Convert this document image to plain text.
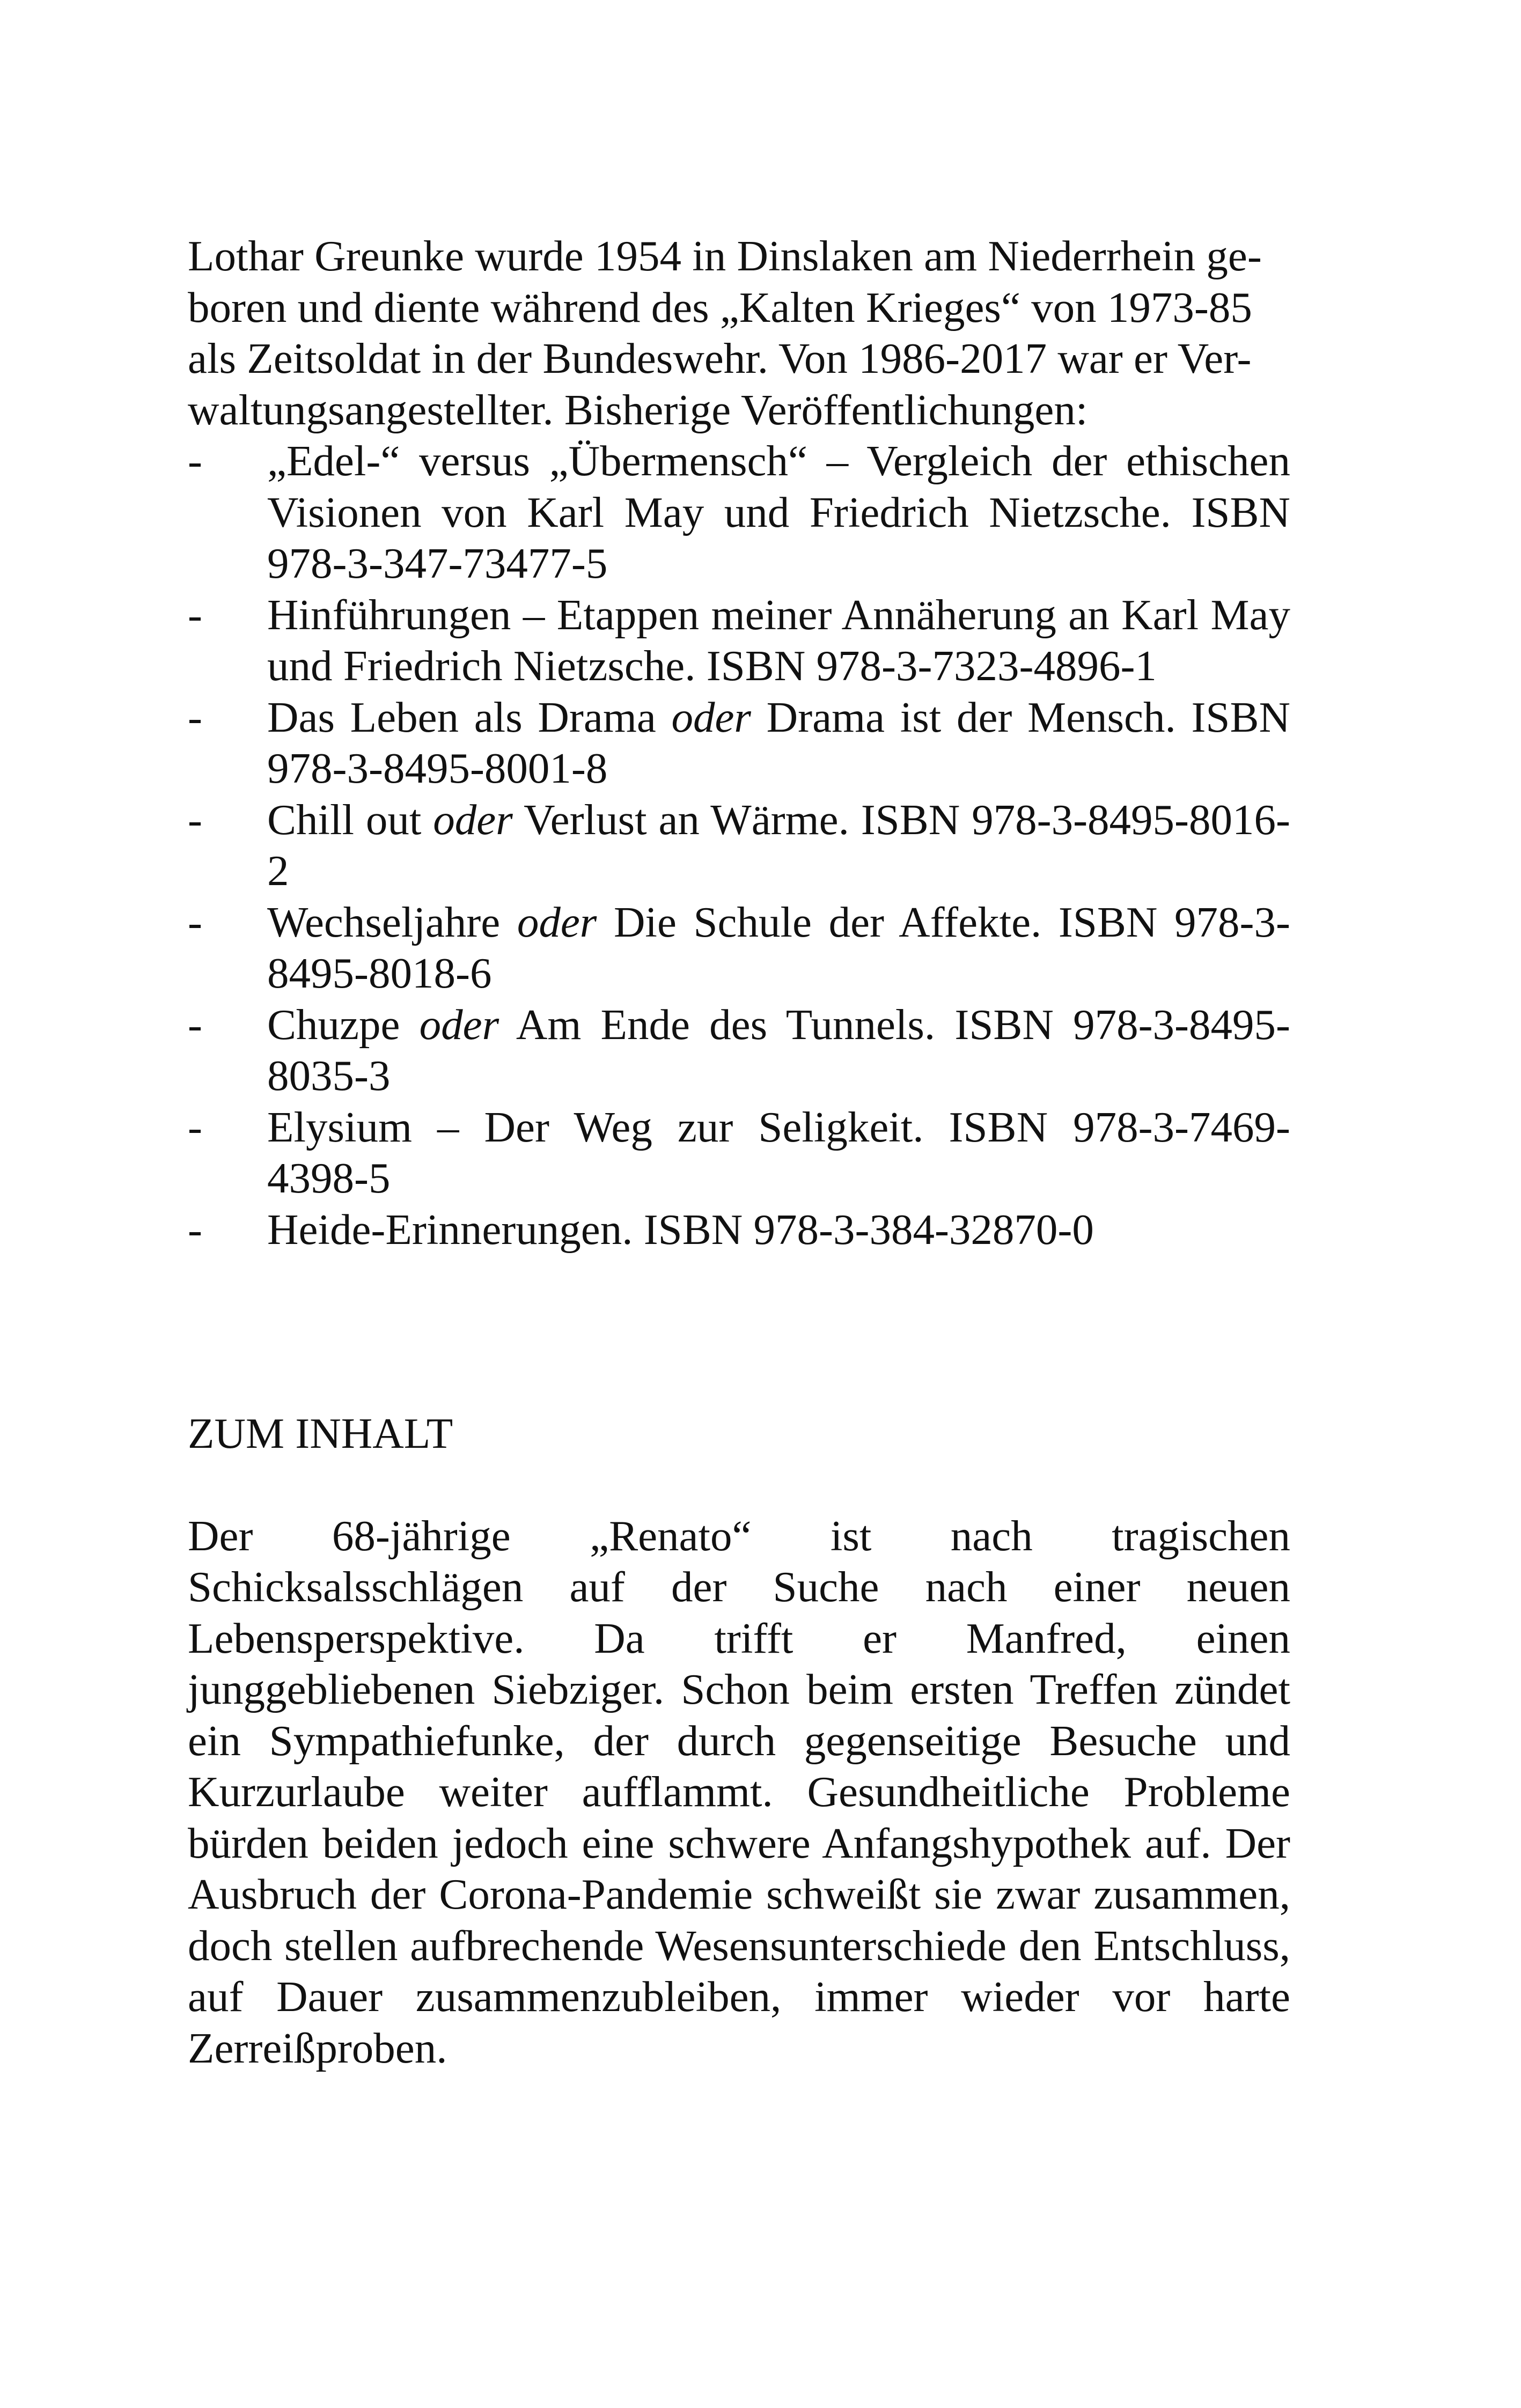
Lothar Greunke wurde 1954 in Dinslaken am Niederrhein ge-
boren und diente während des „Kalten Krieges“ von 1973-85
als Zeitsoldat in der Bundeswehr. Von 1986-2017 war er Ver-
waltungsangestellter. Bisherige Veröffentlichungen:

- „Edel-“ versus „Übermensch“ – Vergleich der ethischen Visionen von Karl May und Friedrich Nietzsche. ISBN 978-3-347-73477-5
- Hinführungen – Etappen meiner Annäherung an Karl May und Friedrich Nietzsche. ISBN 978-3-7323-4896-1
- Das Leben als Drama oder Drama ist der Mensch. ISBN 978-3-8495-8001-8
- Chill out oder Verlust an Wärme. ISBN 978-3-8495-8016-2
- Wechseljahre oder Die Schule der Affekte. ISBN 978-3-8495-8018-6
- Chuzpe oder Am Ende des Tunnels. ISBN 978-3-8495-8035-3
- Elysium – Der Weg zur Seligkeit. ISBN 978-3-7469-4398-5
- Heide-Erinnerungen. ISBN 978-3-384-32870-0
ZUM INHALT

Der 68-jährige „Renato“ ist nach tragischen Schicksalsschlägen auf der Suche nach einer neuen Lebensperspektive. Da trifft er Manfred, einen junggebliebenen Siebziger. Schon beim ersten Treffen zündet ein Sympathiefunke, der durch gegenseitige Besuche und Kurzurlaube weiter aufflammt. Gesundheitliche Probleme bürden beiden jedoch eine schwere Anfangshypothek auf. Der Ausbruch der Corona-Pandemie schweißt sie zwar zusammen, doch stellen aufbrechende Wesensunterschiede den Entschluss, auf Dauer zusammenzubleiben, immer wieder vor harte Zerreißproben.
